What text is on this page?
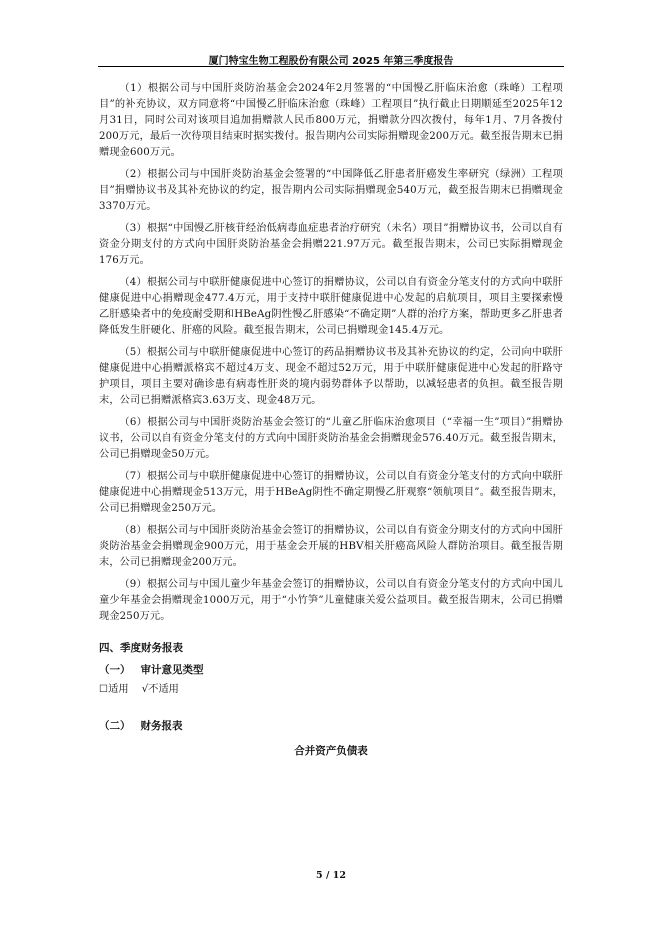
厦门特宝生物工程股份有限公司 2025 年第三季度报告

（1）根据公司与中国肝炎防治基金会2024年2月签署的“中国慢乙肝临床治愈（珠峰）工程项目”的补充协议，双方同意将“中国慢乙肝临床治愈（珠峰）工程项目”执行截止日期顺延至2025年12月31日，同时公司对该项目追加捐赠款人民币800万元，捐赠款分四次拨付，每年1月、7月各拨付200万元，最后一次待项目结束时据实拨付。报告期内公司实际捐赠现金200万元。截至报告期末已捐赠现金600万元。

（2）根据公司与中国肝炎防治基金会签署的“中国降低乙肝患者肝癌发生率研究（绿洲）工程项目”捐赠协议书及其补充协议的约定，报告期内公司实际捐赠现金540万元，截至报告期末已捐赠现金3370万元。

（3）根据“中国慢乙肝核苷经治低病毒血症患者治疗研究（未名）项目”捐赠协议书，公司以自有资金分期支付的方式向中国肝炎防治基金会捐赠221.97万元。截至报告期末，公司已实际捐赠现金176万元。

（4）根据公司与中联肝健康促进中心签订的捐赠协议，公司以自有资金分笔支付的方式向中联肝健康促进中心捐赠现金477.4万元，用于支持中联肝健康促进中心发起的启航项目，项目主要探索慢乙肝感染者中的免疫耐受期和HBeAg阴性慢乙肝感染“不确定期”人群的治疗方案，帮助更多乙肝患者降低发生肝硬化、肝癌的风险。截至报告期末，公司已捐赠现金145.4万元。

（5）根据公司与中联肝健康促进中心签订的药品捐赠协议书及其补充协议的约定，公司向中联肝健康促进中心捐赠派格宾不超过4万支、现金不超过52万元，用于中联肝健康促进中心发起的肝路守护项目，项目主要对确诊患有病毒性肝炎的境内弱势群体予以帮助，以减轻患者的负担。截至报告期末，公司已捐赠派格宾3.63万支、现金48万元。

（6）根据公司与中国肝炎防治基金会签订的“儿童乙肝临床治愈项目（“幸福一生”项目）”捐赠协议书，公司以自有资金分笔支付的方式向中国肝炎防治基金会捐赠现金576.40万元。截至报告期末，公司已捐赠现金50万元。

（7）根据公司与中联肝健康促进中心签订的捐赠协议，公司以自有资金分笔支付的方式向中联肝健康促进中心捐赠现金513万元，用于HBeAg阴性不确定期慢乙肝观察“领航项目”。截至报告期末，公司已捐赠现金250万元。

（8）根据公司与中国肝炎防治基金会签订的捐赠协议，公司以自有资金分期支付的方式向中国肝炎防治基金会捐赠现金900万元，用于基金会开展的HBV相关肝癌高风险人群防治项目。截至报告期末，公司已捐赠现金200万元。

（9）根据公司与中国儿童少年基金会签订的捐赠协议，公司以自有资金分笔支付的方式向中国儿童少年基金会捐赠现金1000万元，用于“小竹笋”儿童健康关爱公益项目。截至报告期末，公司已捐赠现金250万元。

四、季度财务报表
（一） 审计意见类型
☐适用 √不适用
（二） 财务报表
合并资产负债表
5 / 12
